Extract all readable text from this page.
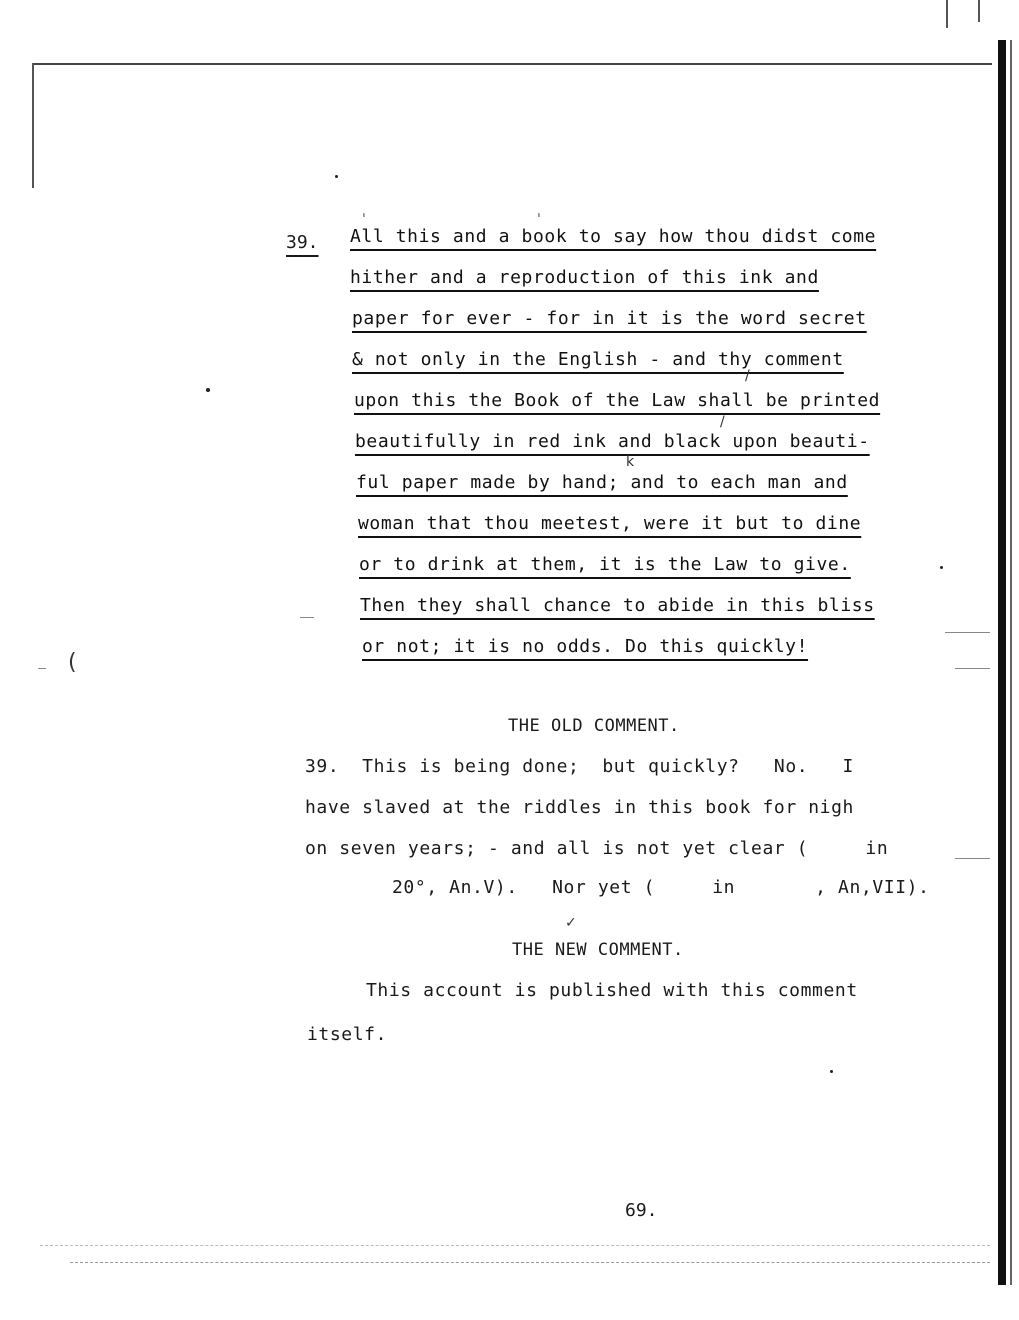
(
39. All this and a book to say how thou didst come
hither and a reproduction of this ink and
paper for ever - for in it is the word secret
& not only in the English - and thy comment
upon this the Book of the Law shall be printed
beautifully in red ink and black upon beauti-
ful paper made by hand; and to each man and
woman that thou meetest, were it but to dine
or to drink at them, it is the Law to give.
Then they shall chance to abide in this bliss
or not; it is no odds. Do this quickly!
ˌ	ˌ
/
/
k
✓
THE OLD COMMENT.
39.  This is being done;  but quickly?   No.   I
have slaved at the riddles in this book for nigh
on seven years; - and all is not yet clear (     in
20°, An.V).   Nor yet (     in       , An,VII).
THE NEW COMMENT.
This account is published with this comment
itself.
69.
